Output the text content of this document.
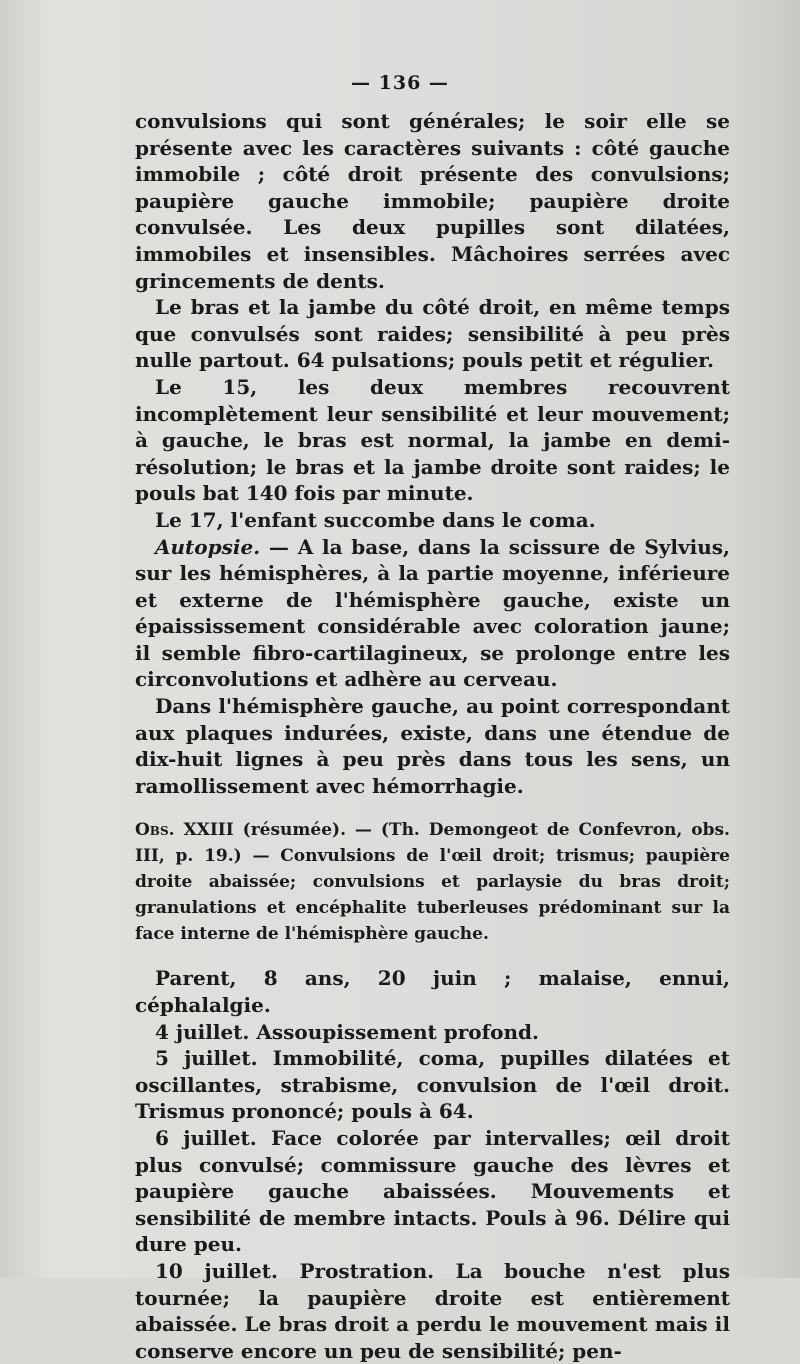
— 136 —

convulsions qui sont générales; le soir elle se présente avec les caractères suivants : côté gauche immobile ; côté droit présente des convulsions; paupière gauche immobile; paupière droite convulsée. Les deux pupilles sont dilatées, immobiles et insensibles. Mâchoires serrées avec grincements de dents.

Le bras et la jambe du côté droit, en même temps que convulsés sont raides; sensibilité à peu près nulle partout. 64 pulsations; pouls petit et régulier.

Le 15, les deux membres recouvrent incomplètement leur sensibilité et leur mouvement; à gauche, le bras est normal, la jambe en demi-résolution; le bras et la jambe droite sont raides; le pouls bat 140 fois par minute.

Le 17, l'enfant succombe dans le coma.

Autopsie. — A la base, dans la scissure de Sylvius, sur les hémisphères, à la partie moyenne, inférieure et externe de l'hémisphère gauche, existe un épaississement considérable avec coloration jaune; il semble fibro-cartilagineux, se prolonge entre les circonvolutions et adhère au cerveau.

Dans l'hémisphère gauche, au point correspondant aux plaques indurées, existe, dans une étendue de dix-huit lignes à peu près dans tous les sens, un ramollissement avec hémorrhagie.

Obs. XXIII (résumée). — (Th. Demongeot de Confevron, obs. III, p. 19.) — Convulsions de l'œil droit; trismus; paupière droite abaissée; convulsions et parlaysie du bras droit; granulations et encéphalite tuberleuses prédominant sur la face interne de l'hémisphère gauche.

Parent, 8 ans, 20 juin ; malaise, ennui, céphalalgie.

4 juillet. Assoupissement profond.

5 juillet. Immobilité, coma, pupilles dilatées et oscillantes, strabisme, convulsion de l'œil droit. Trismus prononcé; pouls à 64.

6 juillet. Face colorée par intervalles; œil droit plus convulsé; commissure gauche des lèvres et paupière gauche abaissées. Mouvements et sensibilité de membre intacts. Pouls à 96. Délire qui dure peu.

10 juillet. Prostration. La bouche n'est plus tournée; la paupière droite est entièrement abaissée. Le bras droit a perdu le mouvement mais il conserve encore un peu de sensibilité; pen-
